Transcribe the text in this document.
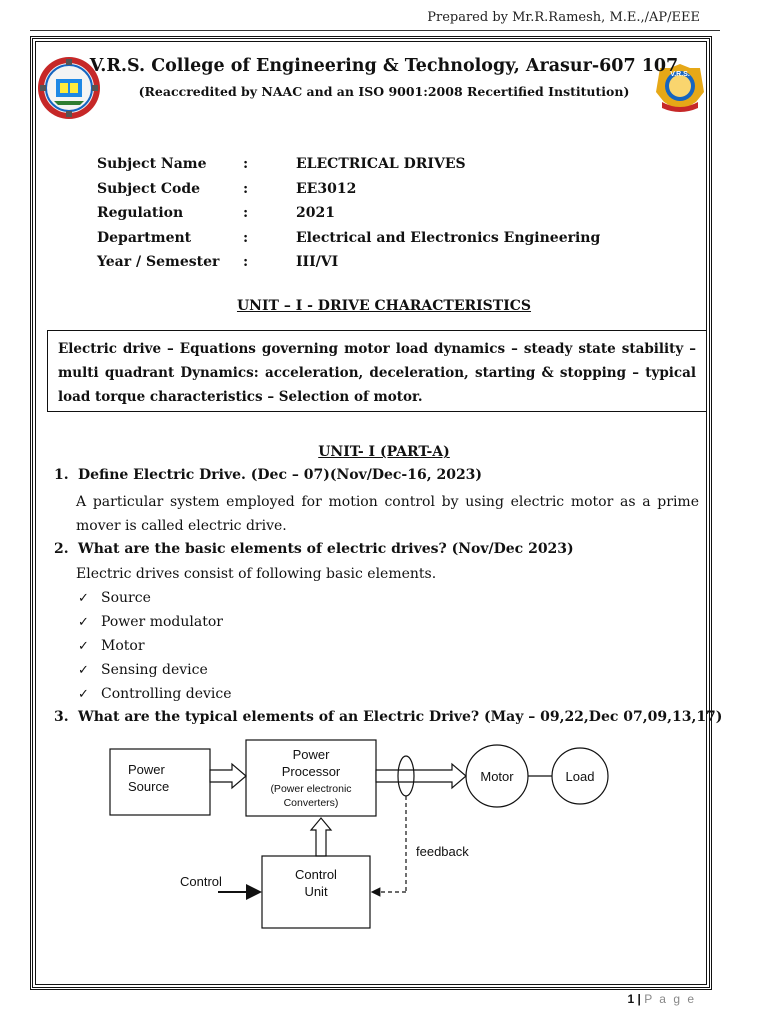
Prepared by Mr.R.Ramesh, M.E.,/AP/EEE
V.R.S.
V.R.S. College of Engineering & Technology, Arasur-607 107
(Reaccredited by NAAC and an ISO 9001:2008 Recertified Institution)
Subject Name	:	ELECTRICAL DRIVES
Subject Code	:	EE3012
Regulation	:	2021
Department	:	Electrical and Electronics Engineering
Year / Semester	:	III/VI
UNIT – I - DRIVE CHARACTERISTICS
Electric drive – Equations governing motor load dynamics – steady state stability – multi quadrant Dynamics: acceleration, deceleration, starting & stopping – typical load torque characteristics – Selection of motor.
UNIT- I (PART-A)
1. Define Electric Drive. (Dec – 07)(Nov/Dec-16, 2023)
A particular system employed for motion control by using electric motor as a prime mover is called electric drive.
2. What are the basic elements of electric drives? (Nov/Dec 2023)
Electric drives consist of following basic elements.
✓ Source
✓ Power modulator
✓ Motor
✓ Sensing device
✓ Controlling device
3. What are the typical elements of an Electric Drive? (May – 09,22,Dec 07,09,13,17)
Power
Source
Power
Processor
(Power electronic
Converters)
Motor	Load
Control
Unit
Control
feedback
1 | P a g e
